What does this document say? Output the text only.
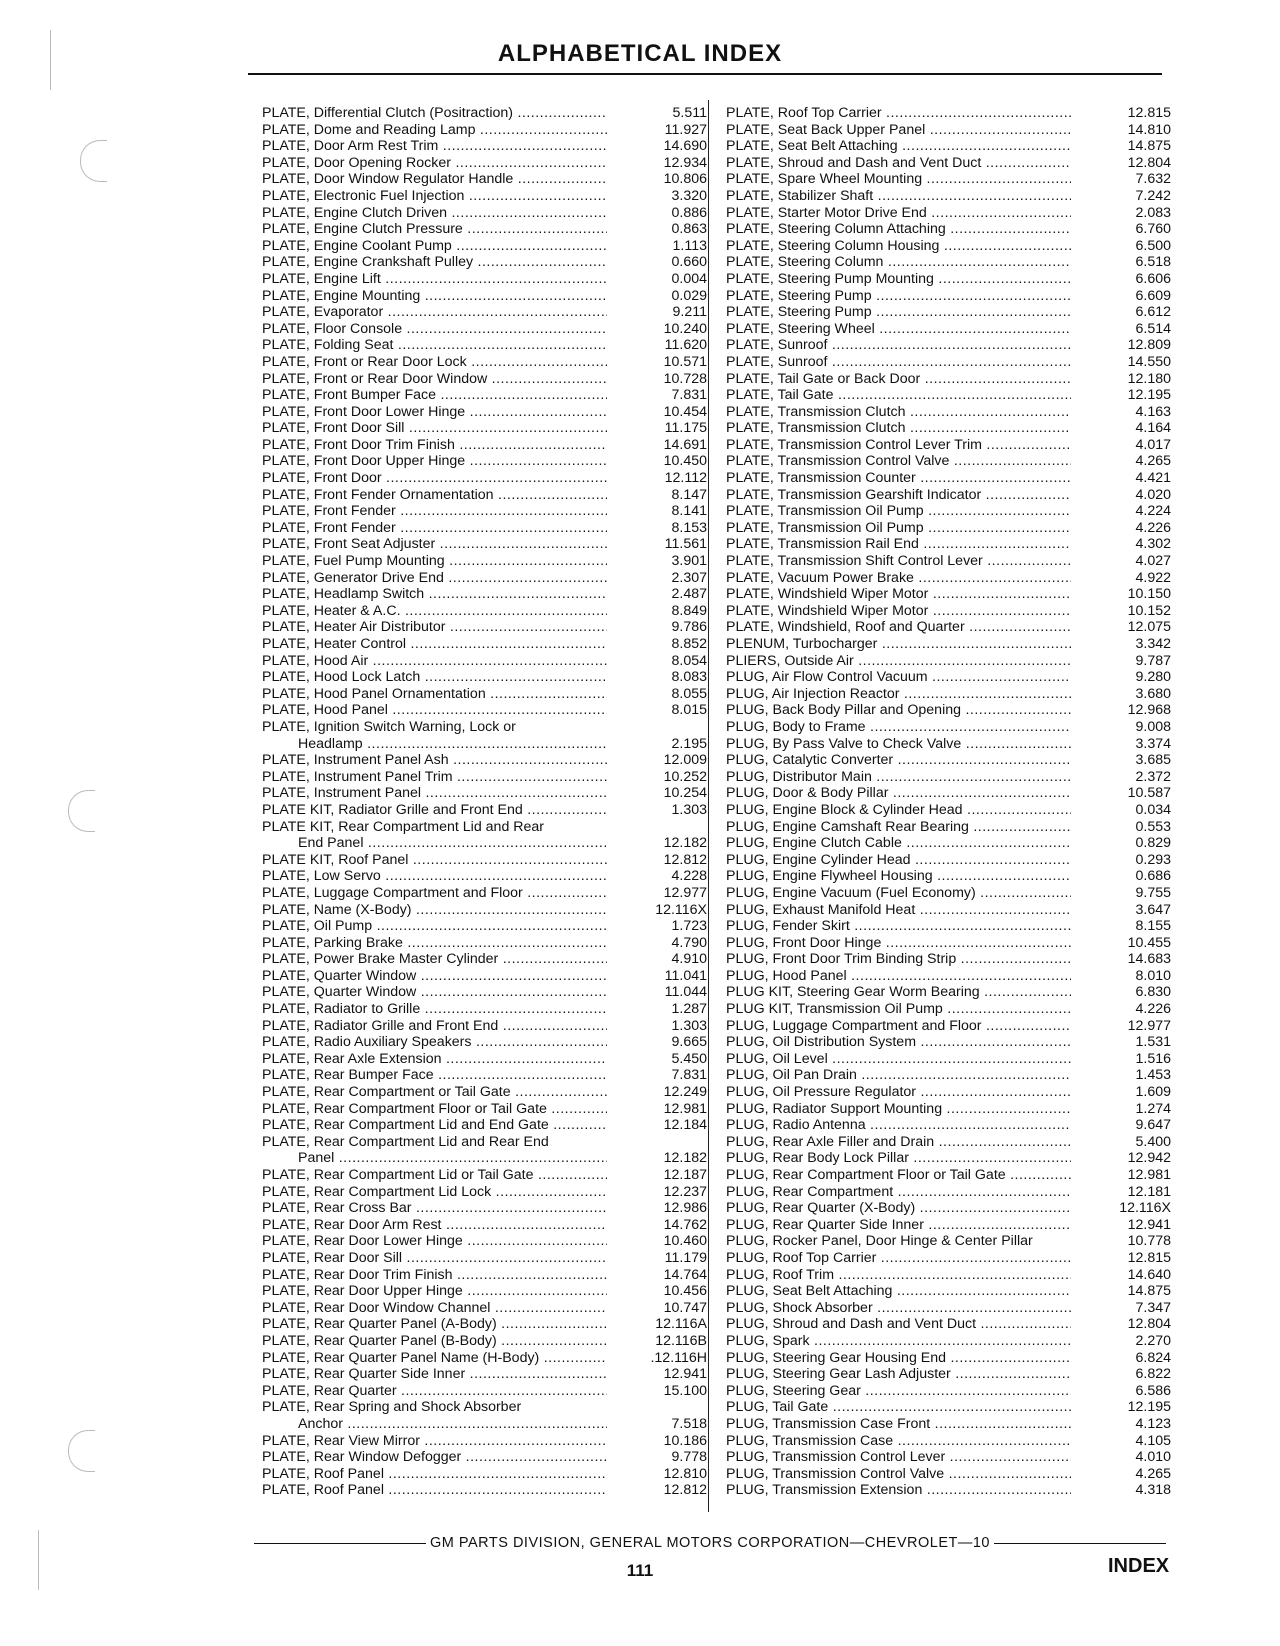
ALPHABETICAL INDEX
PLATE, Differential Clutch (Positraction) .....	5.511
PLATE, Dome and Reading Lamp .....	11.927
PLATE, Door Arm Rest Trim .....	14.690
PLATE, Door Opening Rocker .....	12.934
PLATE, Door Window Regulator Handle .....	10.806
PLATE, Electronic Fuel Injection .....	3.320
PLATE, Engine Clutch Driven .....	0.886
PLATE, Engine Clutch Pressure .....	0.863
PLATE, Engine Coolant Pump .....	1.113
PLATE, Engine Crankshaft Pulley .....	0.660
PLATE, Engine Lift .....	0.004
PLATE, Engine Mounting .....	0.029
PLATE, Evaporator .....	9.211
PLATE, Floor Console .....	10.240
PLATE, Folding Seat .....	11.620
PLATE, Front or Rear Door Lock .....	10.571
PLATE, Front or Rear Door Window .....	10.728
PLATE, Front Bumper Face .....	7.831
PLATE, Front Door Lower Hinge .....	10.454
PLATE, Front Door Sill .....	11.175
PLATE, Front Door Trim Finish .....	14.691
PLATE, Front Door Upper Hinge .....	10.450
PLATE, Front Door .....	12.112
PLATE, Front Fender Ornamentation .....	8.147
PLATE, Front Fender .....	8.141
PLATE, Front Fender .....	8.153
PLATE, Front Seat Adjuster .....	11.561
PLATE, Fuel Pump Mounting .....	3.901
PLATE, Generator Drive End .....	2.307
PLATE, Headlamp Switch .....	2.487
PLATE, Heater & A.C. .....	8.849
PLATE, Heater Air Distributor .....	9.786
PLATE, Heater Control .....	8.852
PLATE, Hood Air .....	8.054
PLATE, Hood Lock Latch .....	8.083
PLATE, Hood Panel Ornamentation .....	8.055
PLATE, Hood Panel .....	8.015
PLATE, Ignition Switch Warning, Lock or
Headlamp .....	2.195
PLATE, Instrument Panel Ash .....	12.009
PLATE, Instrument Panel Trim .....	10.252
PLATE, Instrument Panel .....	10.254
PLATE KIT, Radiator Grille and Front End .....	1.303
PLATE KIT, Rear Compartment Lid and Rear
End Panel .....	12.182
PLATE KIT, Roof Panel .....	12.812
PLATE, Low Servo .....	4.228
PLATE, Luggage Compartment and Floor .....	12.977
PLATE, Name (X-Body) .....	12.116X
PLATE, Oil Pump .....	1.723
PLATE, Parking Brake .....	4.790
PLATE, Power Brake Master Cylinder .....	4.910
PLATE, Quarter Window .....	11.041
PLATE, Quarter Window .....	11.044
PLATE, Radiator to Grille .....	1.287
PLATE, Radiator Grille and Front End .....	1.303
PLATE, Radio Auxiliary Speakers .....	9.665
PLATE, Rear Axle Extension .....	5.450
PLATE, Rear Bumper Face .....	7.831
PLATE, Rear Compartment or Tail Gate .....	12.249
PLATE, Rear Compartment Floor or Tail Gate .....	12.981
PLATE, Rear Compartment Lid and End Gate .....	12.184
PLATE, Rear Compartment Lid and Rear End
Panel .....	12.182
PLATE, Rear Compartment Lid or Tail Gate .....	12.187
PLATE, Rear Compartment Lid Lock .....	12.237
PLATE, Rear Cross Bar .....	12.986
PLATE, Rear Door Arm Rest .....	14.762
PLATE, Rear Door Lower Hinge .....	10.460
PLATE, Rear Door Sill .....	11.179
PLATE, Rear Door Trim Finish .....	14.764
PLATE, Rear Door Upper Hinge .....	10.456
PLATE, Rear Door Window Channel .....	10.747
PLATE, Rear Quarter Panel (A-Body) .....	12.116A
PLATE, Rear Quarter Panel (B-Body) .....	12.116B
PLATE, Rear Quarter Panel Name (H-Body) .....	.12.116H
PLATE, Rear Quarter Side Inner .....	12.941
PLATE, Rear Quarter .....	15.100
PLATE, Rear Spring and Shock Absorber
Anchor .....	7.518
PLATE, Rear View Mirror .....	10.186
PLATE, Rear Window Defogger .....	9.778
PLATE, Roof Panel .....	12.810
PLATE, Roof Panel .....	12.812
PLATE, Roof Top Carrier .....	12.815
PLATE, Seat Back Upper Panel .....	14.810
PLATE, Seat Belt Attaching .....	14.875
PLATE, Shroud and Dash and Vent Duct .....	12.804
PLATE, Spare Wheel Mounting .....	7.632
PLATE, Stabilizer Shaft .....	7.242
PLATE, Starter Motor Drive End .....	2.083
PLATE, Steering Column Attaching .....	6.760
PLATE, Steering Column Housing .....	6.500
PLATE, Steering Column .....	6.518
PLATE, Steering Pump Mounting .....	6.606
PLATE, Steering Pump .....	6.609
PLATE, Steering Pump .....	6.612
PLATE, Steering Wheel .....	6.514
PLATE, Sunroof .....	12.809
PLATE, Sunroof .....	14.550
PLATE, Tail Gate or Back Door .....	12.180
PLATE, Tail Gate .....	12.195
PLATE, Transmission Clutch .....	4.163
PLATE, Transmission Clutch .....	4.164
PLATE, Transmission Control Lever Trim .....	4.017
PLATE, Transmission Control Valve .....	4.265
PLATE, Transmission Counter .....	4.421
PLATE, Transmission Gearshift Indicator .....	4.020
PLATE, Transmission Oil Pump .....	4.224
PLATE, Transmission Oil Pump .....	4.226
PLATE, Transmission Rail End .....	4.302
PLATE, Transmission Shift Control Lever .....	4.027
PLATE, Vacuum Power Brake .....	4.922
PLATE, Windshield Wiper Motor .....	10.150
PLATE, Windshield Wiper Motor .....	10.152
PLATE, Windshield, Roof and Quarter .....	12.075
PLENUM, Turbocharger .....	3.342
PLIERS, Outside Air .....	9.787
PLUG, Air Flow Control Vacuum .....	9.280
PLUG, Air Injection Reactor .....	3.680
PLUG, Back Body Pillar and Opening .....	12.968
PLUG, Body to Frame .....	9.008
PLUG, By Pass Valve to Check Valve .....	3.374
PLUG, Catalytic Converter .....	3.685
PLUG, Distributor Main .....	2.372
PLUG, Door & Body Pillar .....	10.587
PLUG, Engine Block & Cylinder Head .....	0.034
PLUG, Engine Camshaft Rear Bearing .....	0.553
PLUG, Engine Clutch Cable .....	0.829
PLUG, Engine Cylinder Head .....	0.293
PLUG, Engine Flywheel Housing .....	0.686
PLUG, Engine Vacuum (Fuel Economy) .....	9.755
PLUG, Exhaust Manifold Heat .....	3.647
PLUG, Fender Skirt .....	8.155
PLUG, Front Door Hinge .....	10.455
PLUG, Front Door Trim Binding Strip .....	14.683
PLUG, Hood Panel .....	8.010
PLUG KIT, Steering Gear Worm Bearing .....	6.830
PLUG KIT, Transmission Oil Pump .....	4.226
PLUG, Luggage Compartment and Floor .....	12.977
PLUG, Oil Distribution System .....	1.531
PLUG, Oil Level .....	1.516
PLUG, Oil Pan Drain .....	1.453
PLUG, Oil Pressure Regulator .....	1.609
PLUG, Radiator Support Mounting .....	1.274
PLUG, Radio Antenna .....	9.647
PLUG, Rear Axle Filler and Drain .....	5.400
PLUG, Rear Body Lock Pillar .....	12.942
PLUG, Rear Compartment Floor or Tail Gate .....	12.981
PLUG, Rear Compartment .....	12.181
PLUG, Rear Quarter (X-Body) .....	12.116X
PLUG, Rear Quarter Side Inner .....	12.941
PLUG, Rocker Panel, Door Hinge & Center Pillar	10.778
PLUG, Roof Top Carrier .....	12.815
PLUG, Roof Trim .....	14.640
PLUG, Seat Belt Attaching .....	14.875
PLUG, Shock Absorber .....	7.347
PLUG, Shroud and Dash and Vent Duct .....	12.804
PLUG, Spark .....	2.270
PLUG, Steering Gear Housing End .....	6.824
PLUG, Steering Gear Lash Adjuster .....	6.822
PLUG, Steering Gear .....	6.586
PLUG, Tail Gate .....	12.195
PLUG, Transmission Case Front .....	4.123
PLUG, Transmission Case .....	4.105
PLUG, Transmission Control Lever .....	4.010
PLUG, Transmission Control Valve .....	4.265
PLUG, Transmission Extension .....	4.318
GM PARTS DIVISION, GENERAL MOTORS CORPORATION—CHEVROLET—10
111	INDEX
